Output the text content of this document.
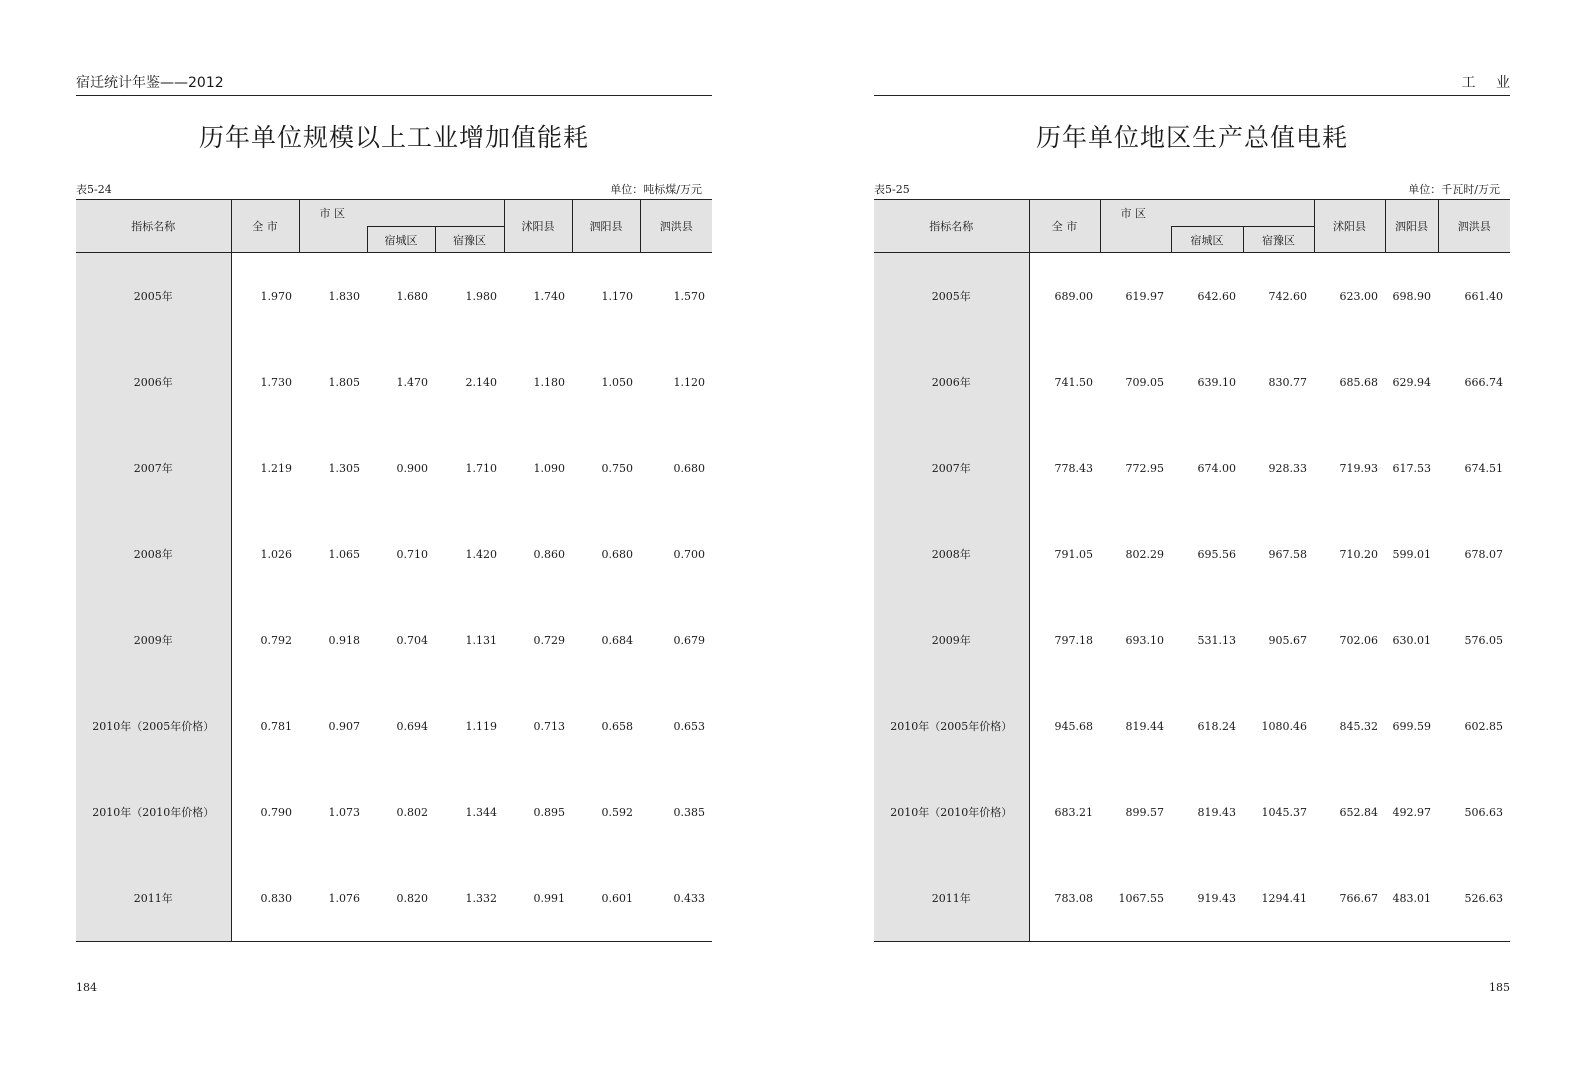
宿迁统计年鉴——2012
历年单位规模以上工业增加值能耗
表5-24	单位：吨标煤/万元
指标名称	全 市	市 区			沭阳县	泗阳县	泗洪县
			宿城区	宿豫区			
2005年	1.970	1.830	1.680	1.980	1.740	1.170	1.570
2006年	1.730	1.805	1.470	2.140	1.180	1.050	1.120
2007年	1.219	1.305	0.900	1.710	1.090	0.750	0.680
2008年	1.026	1.065	0.710	1.420	0.860	0.680	0.700
2009年	0.792	0.918	0.704	1.131	0.729	0.684	0.679
2010年（2005年价格）	0.781	0.907	0.694	1.119	0.713	0.658	0.653
2010年（2010年价格）	0.790	1.073	0.802	1.344	0.895	0.592	0.385
2011年	0.830	1.076	0.820	1.332	0.991	0.601	0.433
184
工 业
历年单位地区生产总值电耗
表5-25	单位：千瓦时/万元
指标名称	全 市	市 区			沭阳县	泗阳县	泗洪县
			宿城区	宿豫区			
2005年	689.00	619.97	642.60	742.60	623.00	698.90	661.40
2006年	741.50	709.05	639.10	830.77	685.68	629.94	666.74
2007年	778.43	772.95	674.00	928.33	719.93	617.53	674.51
2008年	791.05	802.29	695.56	967.58	710.20	599.01	678.07
2009年	797.18	693.10	531.13	905.67	702.06	630.01	576.05
2010年（2005年价格）	945.68	819.44	618.24	1080.46	845.32	699.59	602.85
2010年（2010年价格）	683.21	899.57	819.43	1045.37	652.84	492.97	506.63
2011年	783.08	1067.55	919.43	1294.41	766.67	483.01	526.63
185
